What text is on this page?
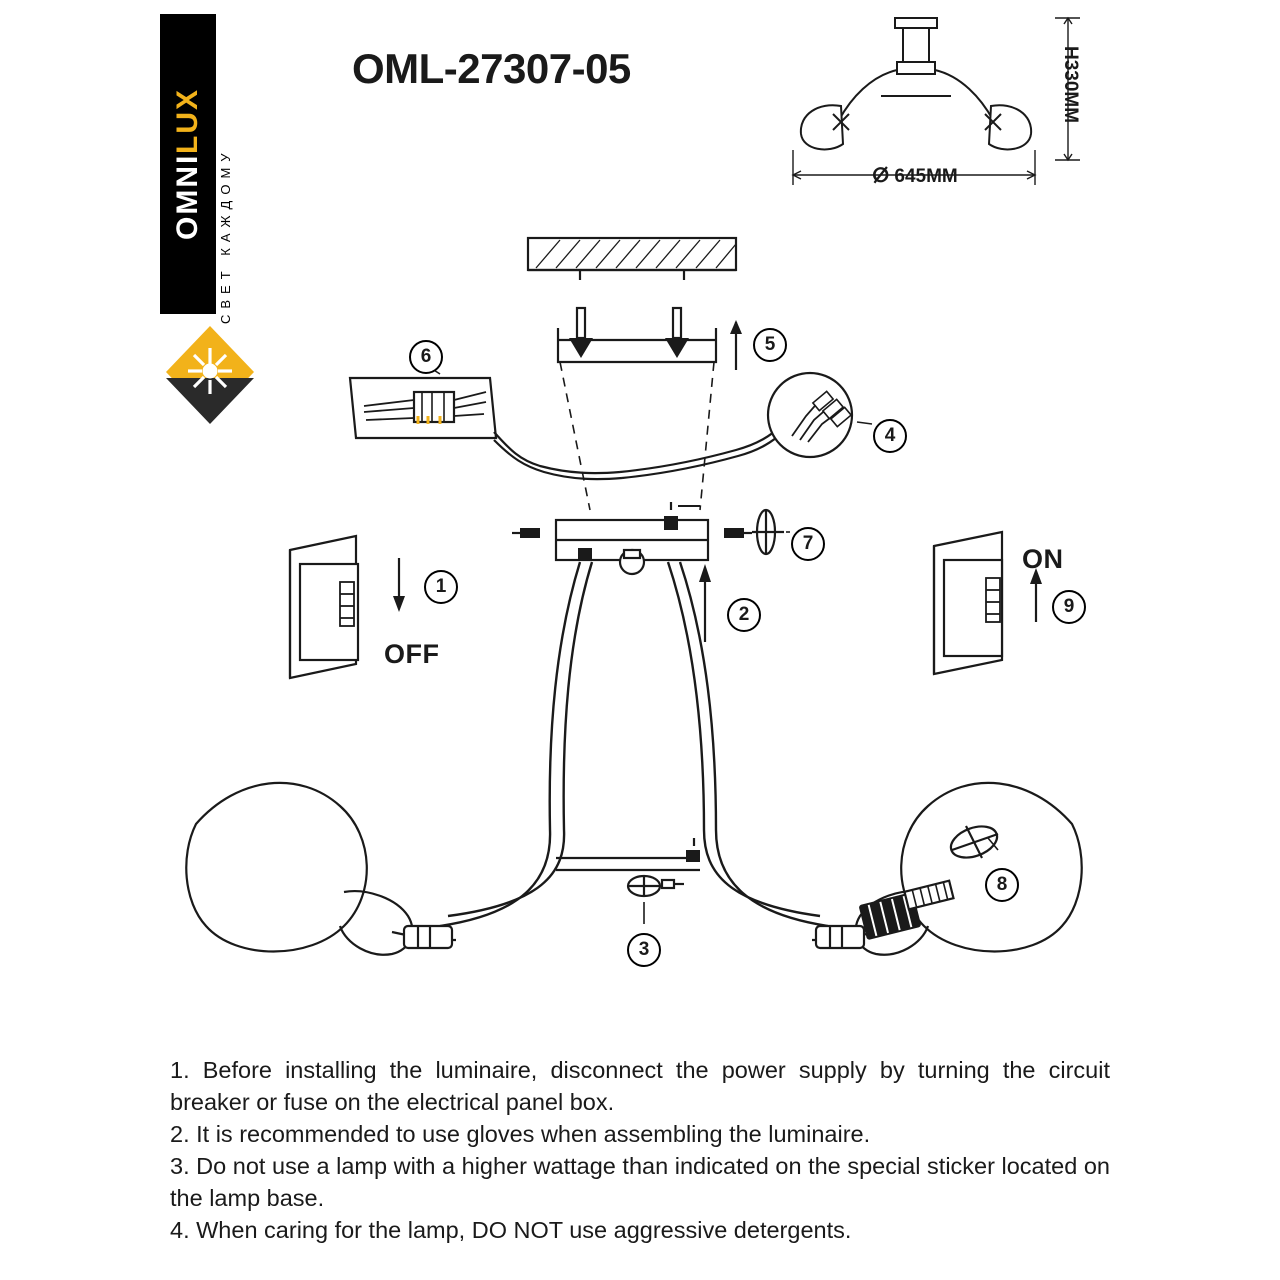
OMNI
LUX
СВЕТ КАЖДОМУ
OML-27307-05	H330MM
ⵁ 645MM
6
5
4
7
1
2	9
8
3
OFF
ON

1. Before installing the luminaire, disconnect the power supply by turning the circuit breaker or fuse on the electrical panel box.

2. It is recommended to use gloves when assembling the luminaire.

3. Do not use a lamp with a higher wattage than indicated on the special sticker located on the lamp base.

4. When caring for the lamp, DO NOT use aggressive detergents.
